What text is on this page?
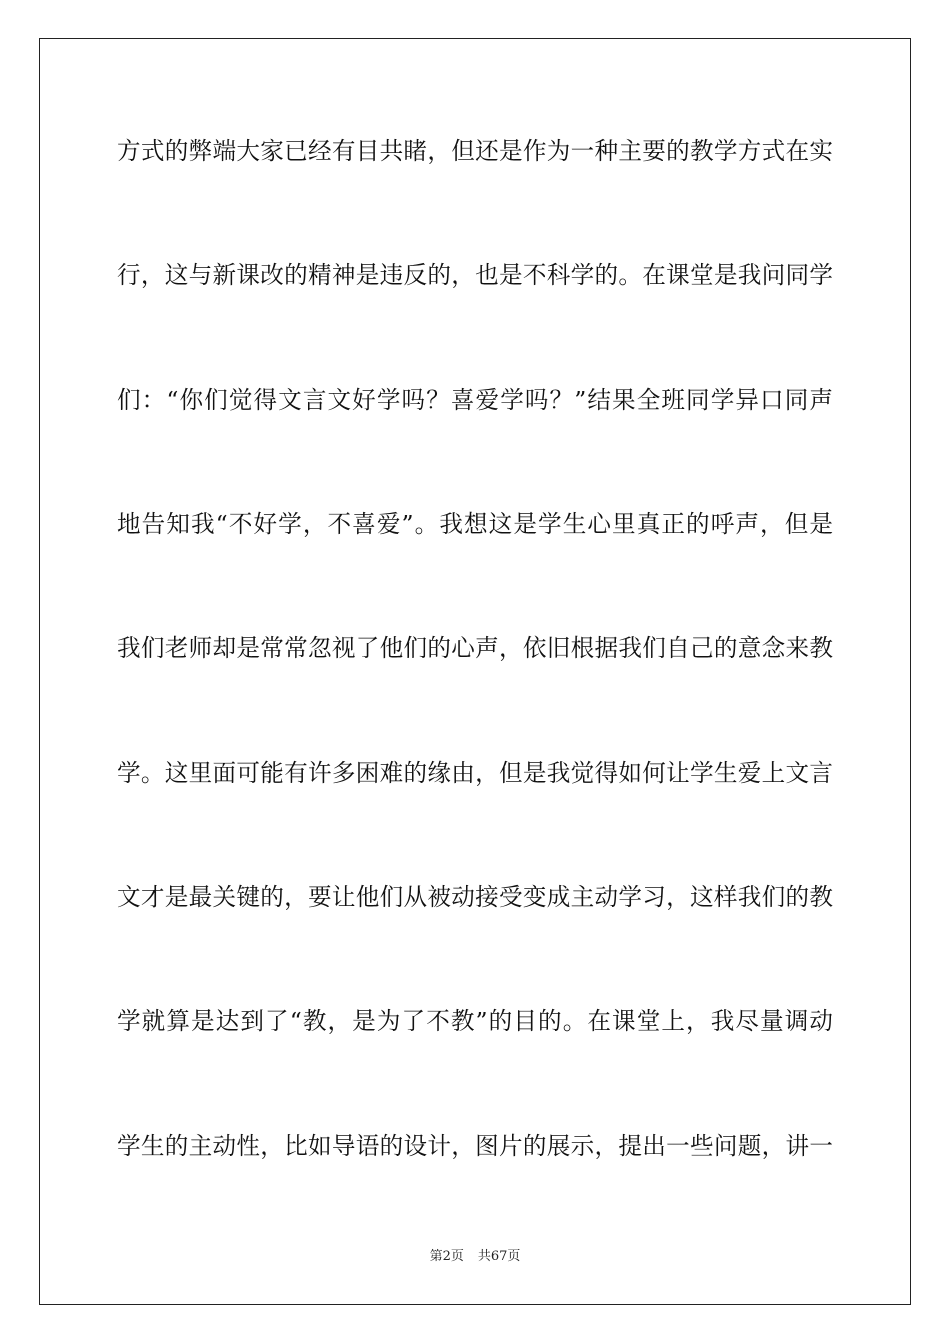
方式的弊端大家已经有目共睹，但还是作为一种主要的教学方式在实
行，这与新课改的精神是违反的，也是不科学的。在课堂是我问同学
们：“你们觉得文言文好学吗？喜爱学吗？”结果全班同学异口同声
地告知我“不好学，不喜爱”。我想这是学生心里真正的呼声，但是
我们老师却是常常忽视了他们的心声，依旧根据我们自己的意念来教
学。这里面可能有许多困难的缘由，但是我觉得如何让学生爱上文言
文才是最关键的，要让他们从被动接受变成主动学习，这样我们的教
学就算是达到了“教，是为了不教”的目的。在课堂上，我尽量调动
学生的主动性，比如导语的设计，图片的展示，提出一些问题，讲一
第2页 共67页
